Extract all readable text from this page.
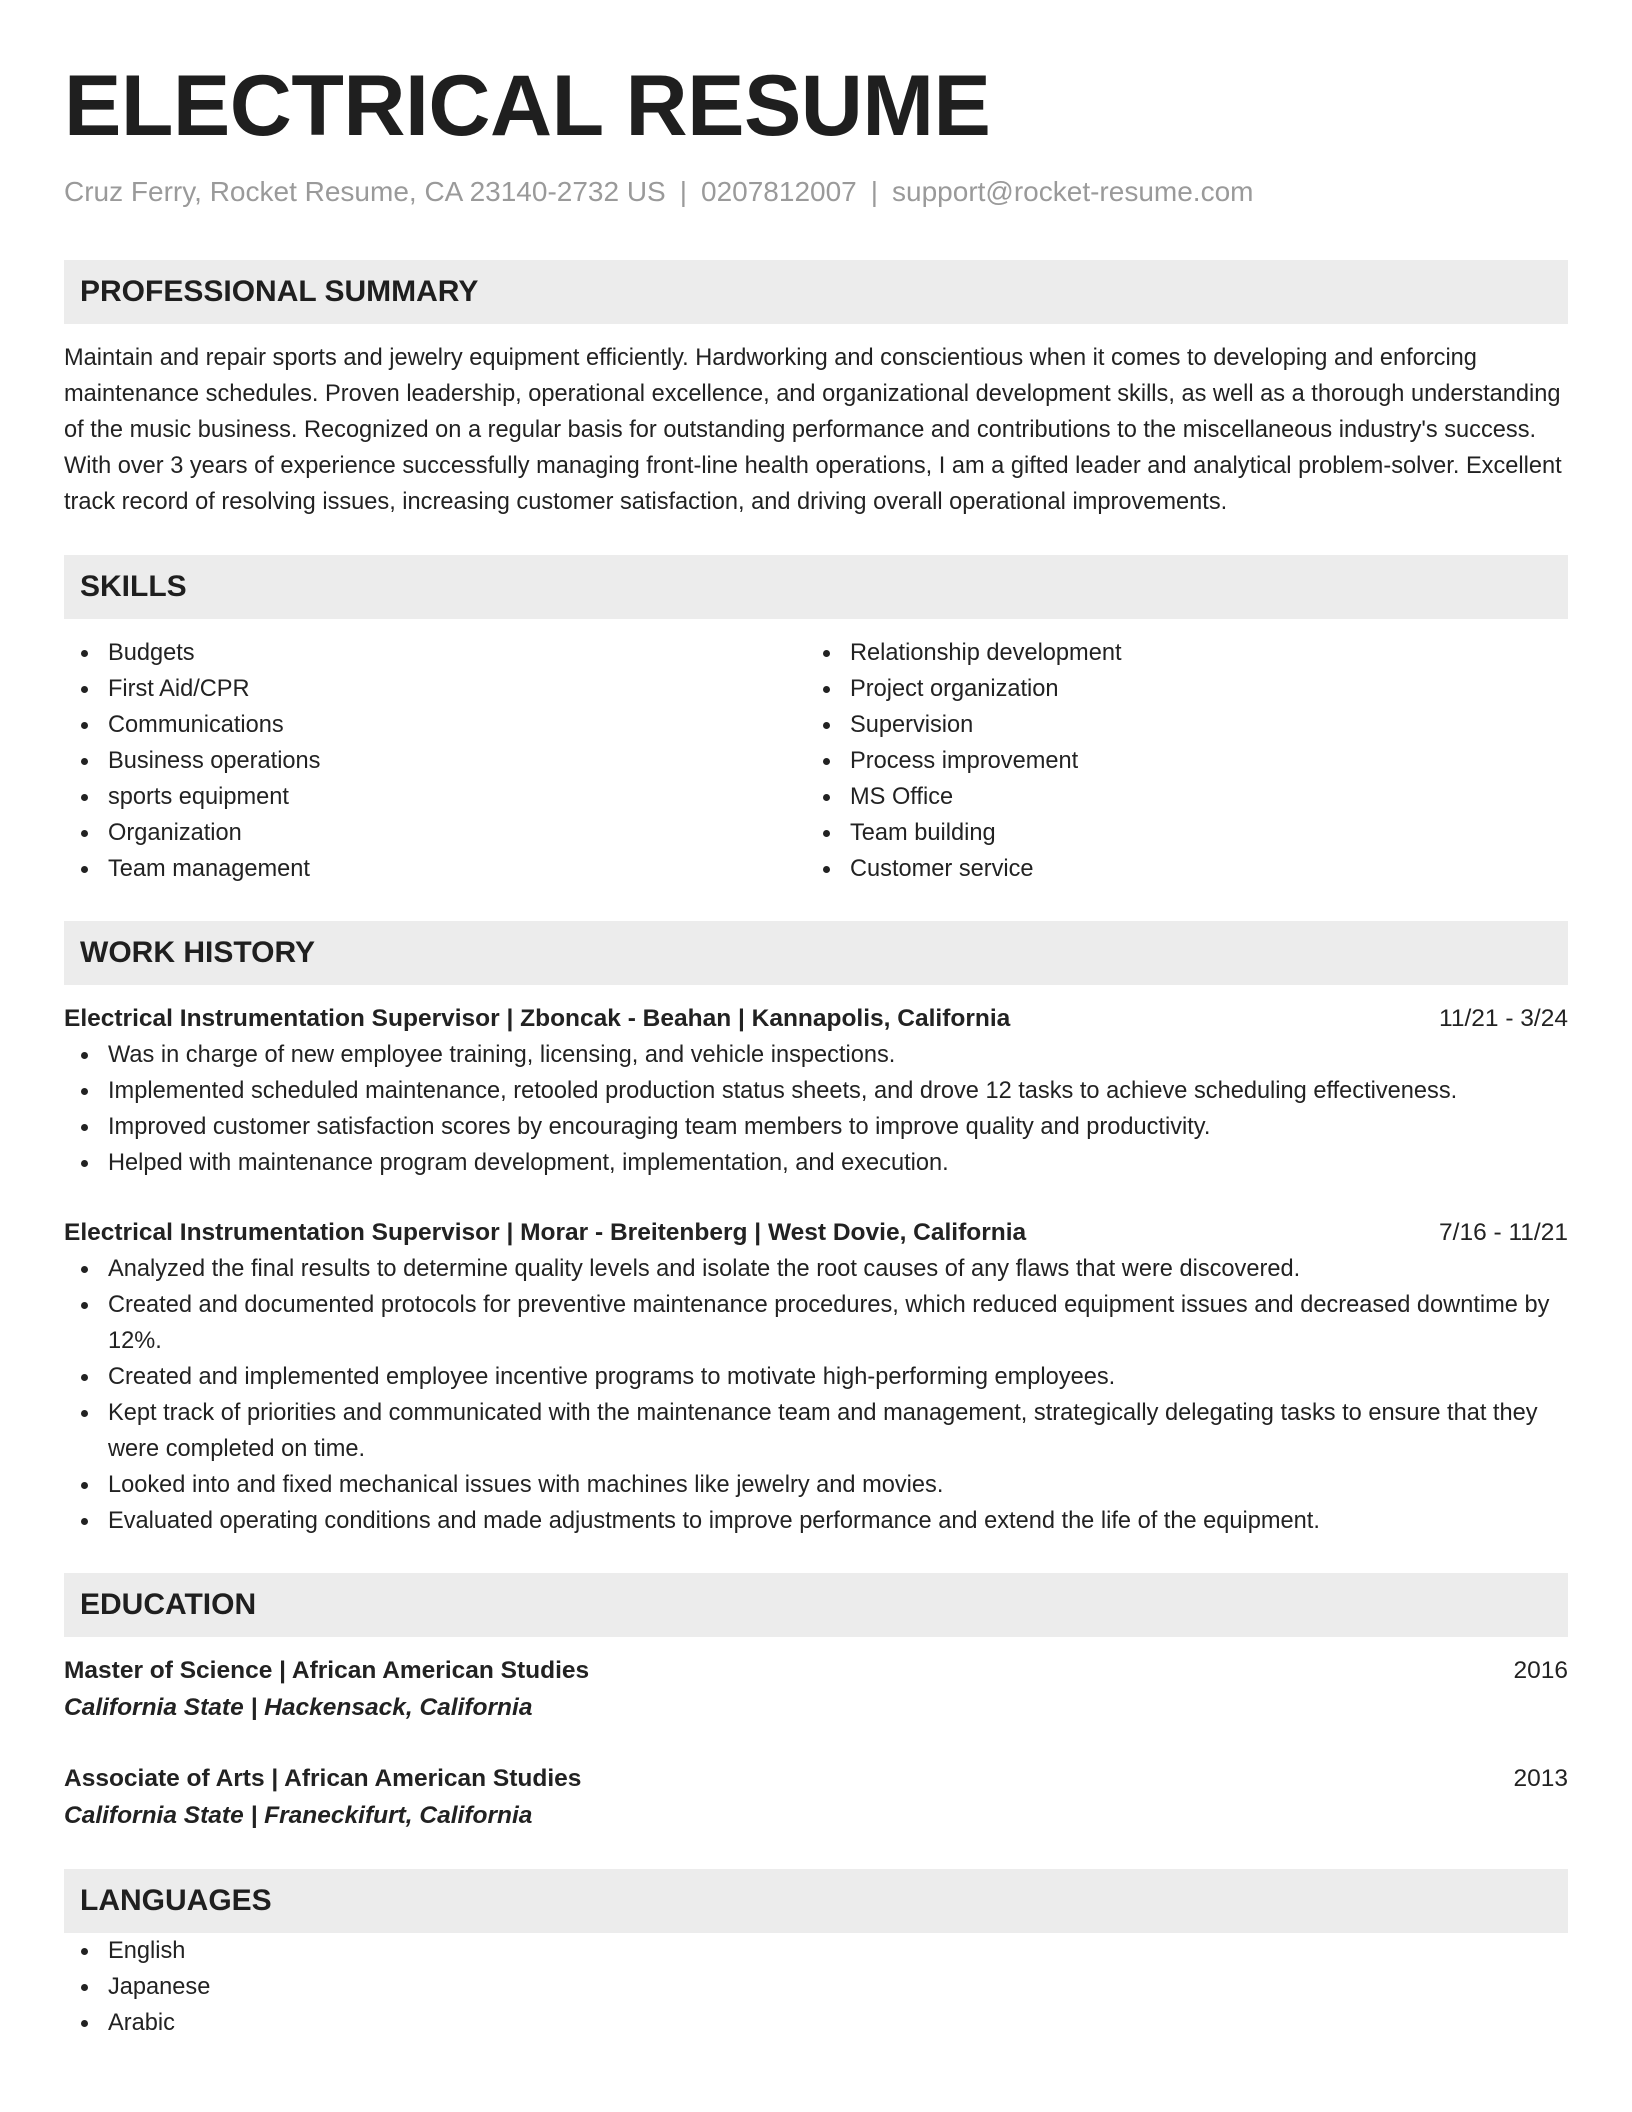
ELECTRICAL RESUME
Cruz Ferry, Rocket Resume, CA 23140-2732 US | 0207812007 | support@rocket-resume.com
PROFESSIONAL SUMMARY
Maintain and repair sports and jewelry equipment efficiently. Hardworking and conscientious when it comes to developing and enforcing maintenance schedules. Proven leadership, operational excellence, and organizational development skills, as well as a thorough understanding of the music business. Recognized on a regular basis for outstanding performance and contributions to the miscellaneous industry's success. With over 3 years of experience successfully managing front-line health operations, I am a gifted leader and analytical problem-solver. Excellent track record of resolving issues, increasing customer satisfaction, and driving overall operational improvements.
SKILLS
Budgets
First Aid/CPR
Communications
Business operations
sports equipment
Organization
Team management
Relationship development
Project organization
Supervision
Process improvement
MS Office
Team building
Customer service
WORK HISTORY
Electrical Instrumentation Supervisor | Zboncak - Beahan | Kannapolis, California	11/21 - 3/24
Was in charge of new employee training, licensing, and vehicle inspections.
Implemented scheduled maintenance, retooled production status sheets, and drove 12 tasks to achieve scheduling effectiveness.
Improved customer satisfaction scores by encouraging team members to improve quality and productivity.
Helped with maintenance program development, implementation, and execution.
Electrical Instrumentation Supervisor | Morar - Breitenberg | West Dovie, California	7/16 - 11/21
Analyzed the final results to determine quality levels and isolate the root causes of any flaws that were discovered.
Created and documented protocols for preventive maintenance procedures, which reduced equipment issues and decreased downtime by 12%.
Created and implemented employee incentive programs to motivate high-performing employees.
Kept track of priorities and communicated with the maintenance team and management, strategically delegating tasks to ensure that they were completed on time.
Looked into and fixed mechanical issues with machines like jewelry and movies.
Evaluated operating conditions and made adjustments to improve performance and extend the life of the equipment.
EDUCATION
Master of Science | African American Studies	2016
California State | Hackensack, California
Associate of Arts | African American Studies	2013
California State | Franeckifurt, California
LANGUAGES
English
Japanese
Arabic
